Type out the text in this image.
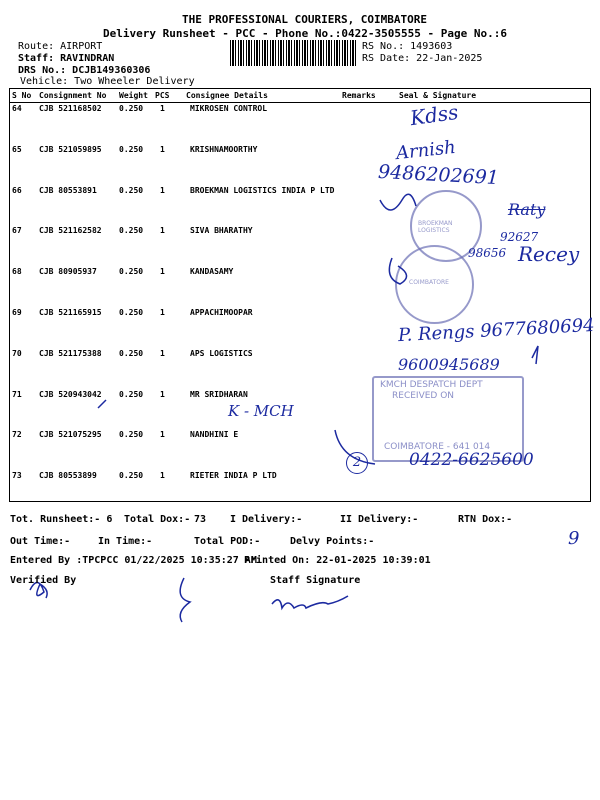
THE PROFESSIONAL COURIERS, COIMBATORE
Delivery Runsheet - PCC - Phone No.:0422-3505555 - Page No.:6
Route: AIRPORT
Staff: RAVINDRAN
DRS No.: DCJB149360306
Vehicle: Two Wheeler Delivery
RS No.: 1493603
RS Date: 22-Jan-2025
S No Consignment No Weight PCS Consignee Details	Remarks	Seal & Signature
64 CJB 521168502 0.250 1	MIKROSEN CONTROL
65 CJB 521059895 0.250 1	KRISHNAMOORTHY
66 CJB 80553891	0.250 1	BROEKMAN LOGISTICS INDIA P LTD
67 CJB 521162582 0.250 1	SIVA BHARATHY
68 CJB 80905937	0.250 1	KANDASAMY
69 CJB 521165915 0.250 1	APPACHIMOOPAR
70 CJB 521175388 0.250 1	APS LOGISTICS
71 CJB 520943042 0.250 1	MR SRIDHARAN
72 CJB 521075295 0.250 1	NANDHINI E
73 CJB 80553899	0.250 1	RIETER INDIA P LTD
BROEKMAN LOGISTICS
COIMBATORE
KMCH DESPATCH DEPT
RECEIVED ON
COIMBATORE - 641 014
Kdss
Arnish
9486202691
Raty
92627
98656 Recey
P. Rengs 9677680694
9600945689
K - MCH
0422-6625600
2
9
Tot. Runsheet:- 6 Total Dox:- 73 I Delivery:-	II Delivery:-	RTN Dox:-
Out Time:-	In Time:-	Total POD:-	Delvy Points:-
Entered By :TPCPCC 01/22/2025 10:35:27 AM
Printed On: 22-01-2025 10:39:01
Verified By	Staff Signature
